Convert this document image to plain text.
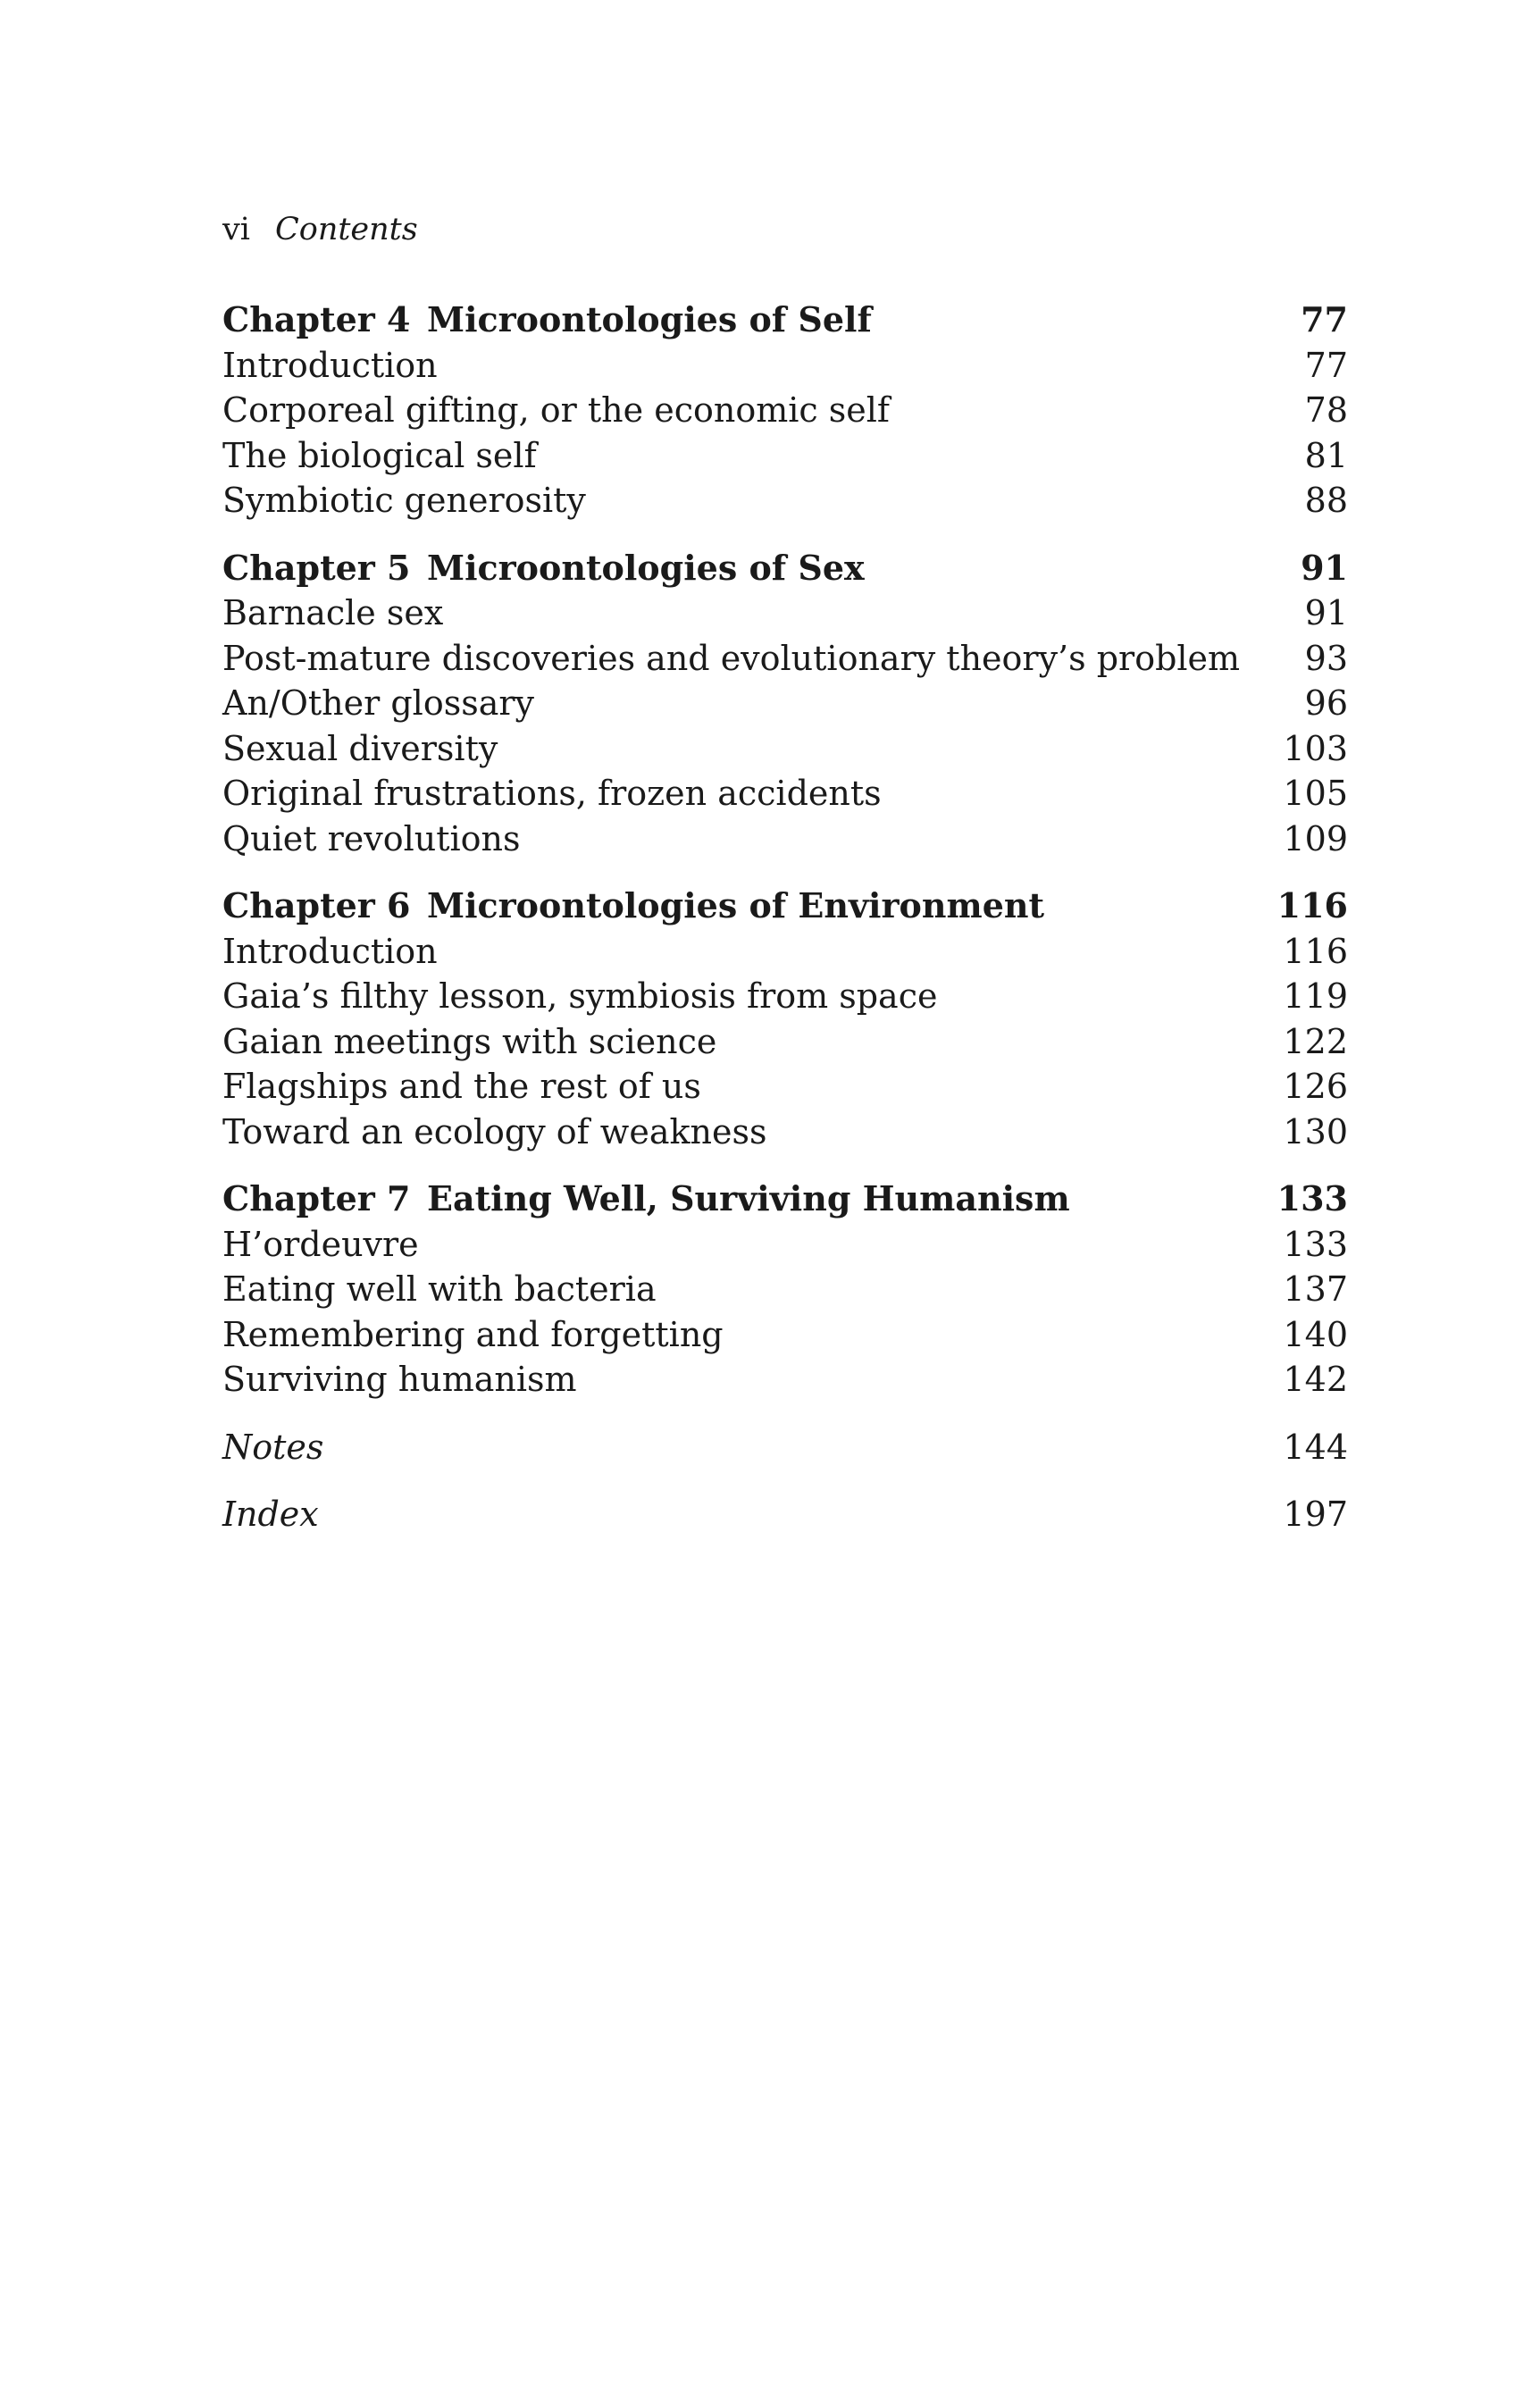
vi Contents
Chapter 4 Microontologies of Self	77
Introduction	77
Corporeal gifting, or the economic self	78
The biological self	81
Symbiotic generosity	88
Chapter 5 Microontologies of Sex	91
Barnacle sex	91
Post-mature discoveries and evolutionary theory’s problem 93
An/Other glossary	96
Sexual diversity	103
Original frustrations, frozen accidents	105
Quiet revolutions	109
Chapter 6 Microontologies of Environment	116
Introduction	116
Gaia’s filthy lesson, symbiosis from space	119
Gaian meetings with science	122
Flagships and the rest of us	126
Toward an ecology of weakness	130
Chapter 7 Eating Well, Surviving Humanism	133
H’ordeuvre	133
Eating well with bacteria	137
Remembering and forgetting	140
Surviving humanism	142
Notes	144
Index	197
